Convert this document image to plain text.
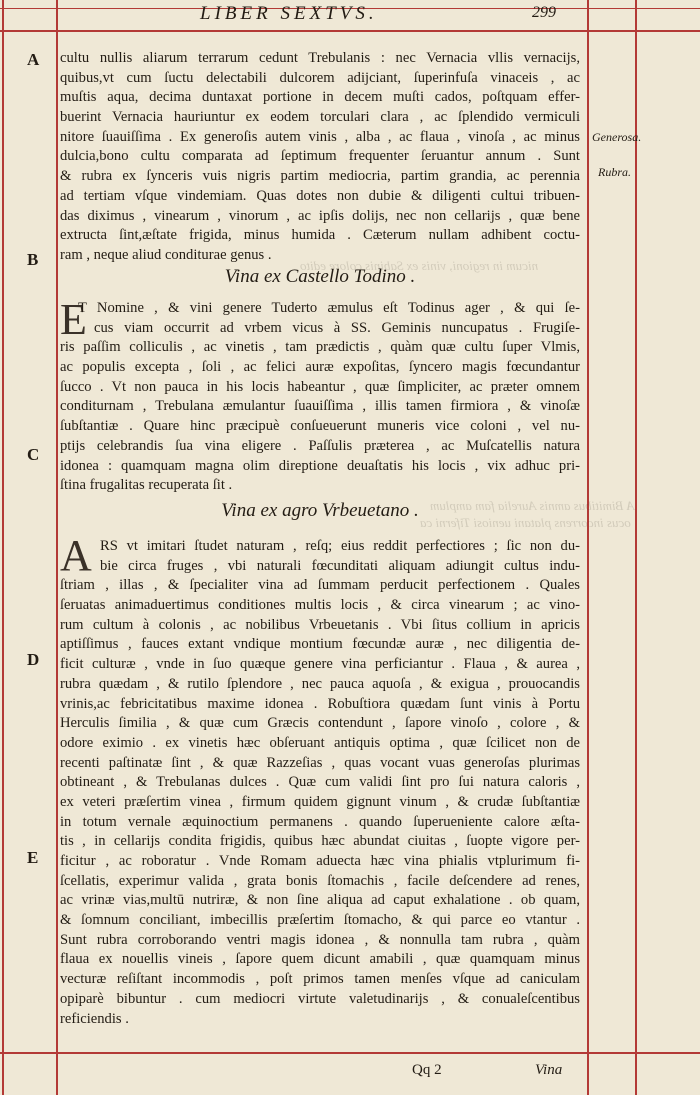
nicum in regioni, vinis ex Sabinis colore edito
A Bimitibus amnis Aurelia fam amplum
ocus incorrens platani ueniosi Tiferni ca
LIBER SEXTVS.	299
A
B
C
D
E
Generosa.
Rubra.
cultu nullis aliarum terrarum cedunt Trebulanis : nec Vernacia vllis vernacijs,
quibus,vt cum ſuctu delectabili dulcorem adijciant, ſuperinfuſa vinaceis , ac
muſtis aqua, decima duntaxat portione in decem muſti cados, poſtquam effer-
buerint Vernacia hauriuntur ex eodem torculari clara , ac ſplendido vermiculi
nitore ſuauiſſima . Ex generoſis autem vinis , alba , ac flaua , vinoſa , ac minus
dulcia,bono cultu comparata ad ſeptimum frequenter ſeruantur annum . Sunt
& rubra ex ſynceris vuis nigris partim mediocria, partim grandia, ac perennia
ad tertiam vſque vindemiam. Quas dotes non dubie & diligenti cultui tribuen-
das diximus , vinearum , vinorum , ac ipſis dolijs, nec non cellarijs , quæ bene
extructa ſint,æſtate frigida, minus humida . Cæterum nullam adhibent coctu-
ram , neque aliud conditurae genus .
Vina ex Castello Todino .
E
T Nomine , & vini genere Tuderto æmulus eſt Todinus ager , & qui ſe-
cus viam occurrit ad vrbem vicus à SS. Geminis nuncupatus . Frugiſe-
ris paſſim colliculis , ac vinetis , tam prædictis , quàm quæ cultu ſuper Vlmis,
ac populis excepta , ſoli , ac felici auræ expoſitas, ſyncero magis fœcundantur
ſucco . Vt non pauca in his locis habeantur , quæ ſimpliciter, ac præter omnem
conditurnam , Trebulana æmulantur ſuauiſſima , illis tamen firmiora , & vinoſæ
ſubſtantiæ . Quare hinc præcipuè conſueuerunt muneris vice coloni , vel nu-
ptijs celebrandis ſua vina eligere . Paſſulis præterea , ac Muſcatellis natura
idonea : quamquam magna olim direptione deuaſtatis his locis , vix adhuc pri-
ſtina frugalitas recuperata ſit .
Vina ex agro Vrbeuetano .
A RS vt imitari ſtudet naturam , reſq; eius reddit perfectiores ; ſic non du-
bie circa fruges , vbi naturali fœcunditati aliquam adiungit cultus indu-
ſtriam , illas , & ſpecialiter vina ad ſummam perducit perfectionem . Quales
ſeruatas animaduertimus conditiones multis locis , & circa vinearum ; ac vino-
rum cultum à colonis , ac nobilibus Vrbeuetanis . Vbi ſitus collium in apricis
aptiſſimus , fauces extant vndique montium fœcundæ auræ , nec diligentia de-
ficit culturæ , vnde in ſuo quæque genere vina perficiantur . Flaua , & aurea ,
rubra quædam , & rutilo ſplendore , nec pauca aquoſa , & exigua , prouocandis
vrinis,ac febricitatibus maxime idonea . Robuſtiora quædam ſunt vinis à Portu
Herculis ſimilia , & quæ cum Græcis contendunt , ſapore vinoſo , colore , &
odore eximio . ex vinetis hæc obſeruant antiquis optima , quæ ſcilicet non de
recenti paſtinatæ ſint , & quæ Razzeſias , quas vocant vuas generoſas plurimas
obtineant , & Trebulanas dulces . Quæ cum validi ſint pro ſui natura caloris ,
ex veteri præſertim vinea , firmum quidem gignunt vinum , & crudæ ſubſtantiæ
in totum vernale æquinoctium permanens . quando ſuperueniente calore æſta-
tis , in cellarijs condita frigidis, quibus hæc abundat ciuitas , ſuopte vigore per-
ficitur , ac roboratur . Vnde Romam aduecta hæc vina phialis vtplurimum fi-
ſcellatis, experimur valida , grata bonis ſtomachis , facile deſcendere ad renes,
ac vrinæ vias,multū nutriræ, & non ſine aliqua ad caput exhalatione . ob quam,
& ſomnum conciliant, imbecillis præſertim ſtomacho, & qui parce eo vtantur .
Sunt rubra corroborando ventri magis idonea , & nonnulla tam rubra , quàm
flaua ex nouellis vineis , ſapore quem dicunt amabili , quæ quamquam minus
vecturæ reſiſtant incommodis , poſt primos tamen menſes vſque ad caniculam
opiparè bibuntur . cum mediocri virtute valetudinarijs , & conualeſcentibus
reficiendis .
Qq 2	Vina
